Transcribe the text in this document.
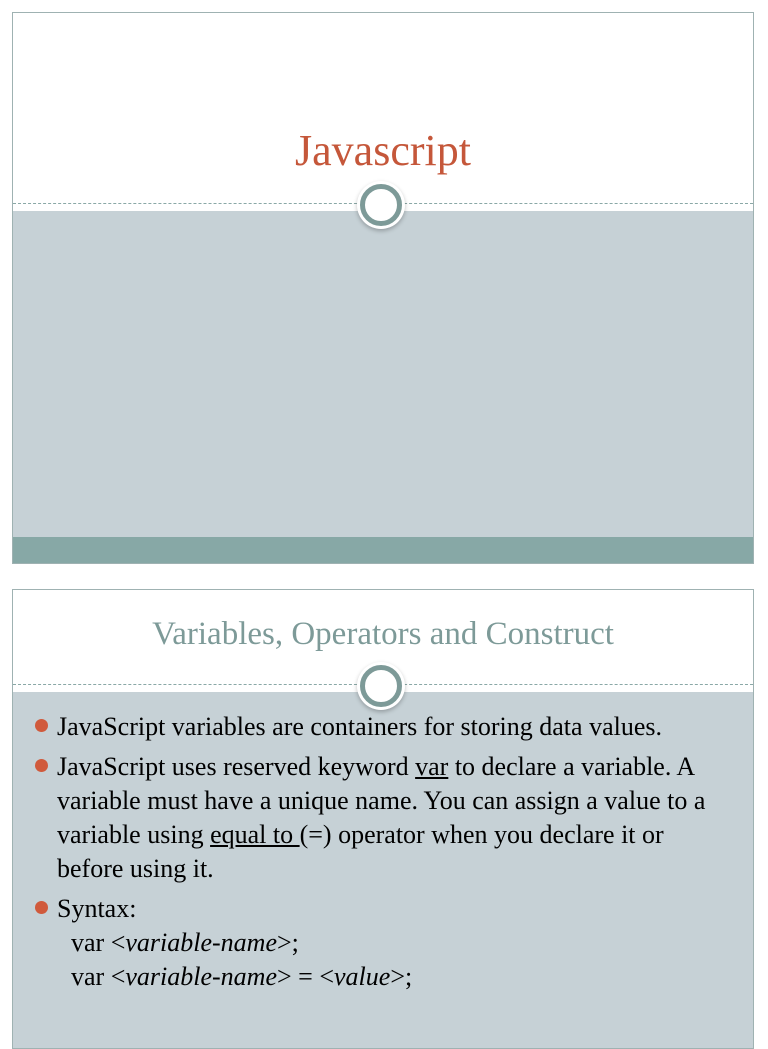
Javascript
Variables, Operators and Construct
JavaScript variables are containers for storing data values.
JavaScript uses reserved keyword var to declare a variable. A variable must have a unique name. You can assign a value to a variable using equal to (=) operator when you declare it or before using it.
Syntax:
var <variable-name>;
var <variable-name> = <value>;
